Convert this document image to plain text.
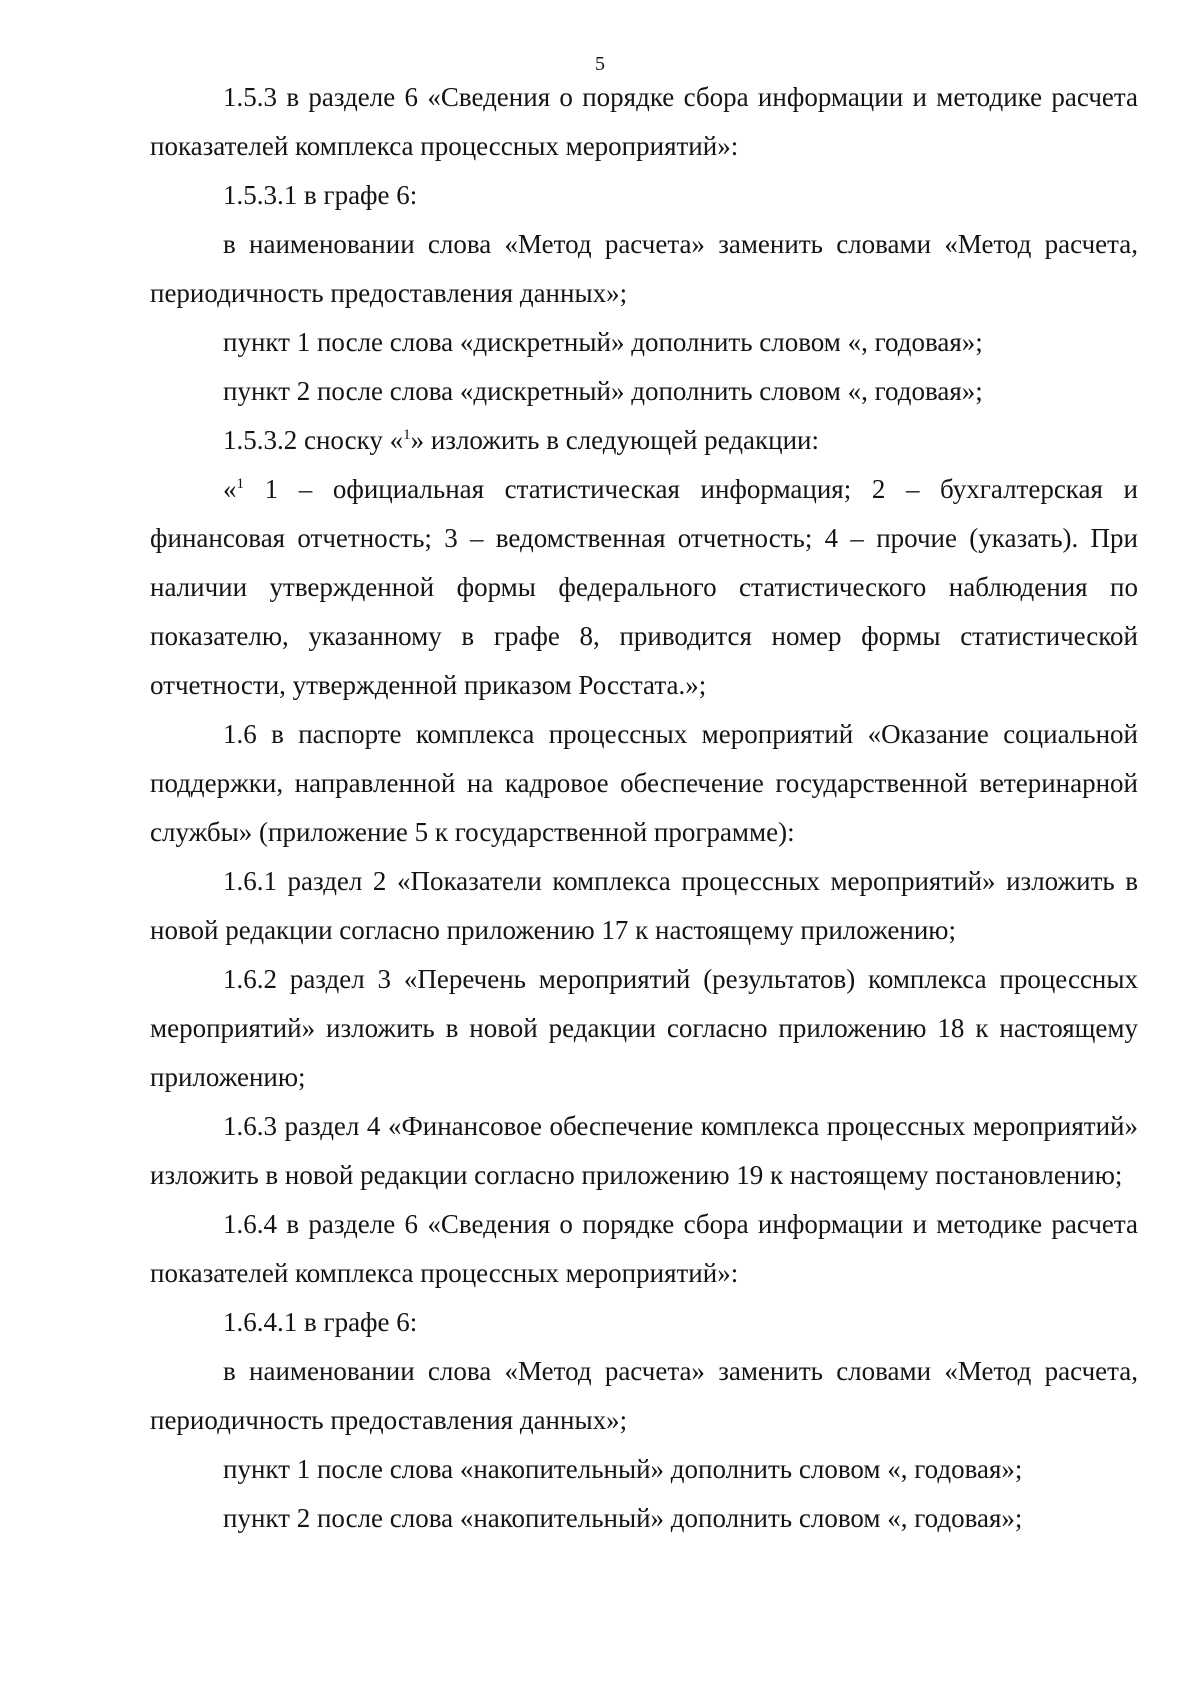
5

1.5.3 в разделе 6 «Сведения о порядке сбора информации и методике расчета показателей комплекса процессных мероприятий»:

1.5.3.1 в графе 6:

в наименовании слова «Метод расчета» заменить словами «Метод расчета, периодичность предоставления данных»;

пункт 1 после слова «дискретный» дополнить словом «, годовая»;

пункт 2 после слова «дискретный» дополнить словом «, годовая»;

1.5.3.2 сноску «$^1$» изложить в следующей редакции:

«$^1$ 1 – официальная статистическая информация; 2 – бухгалтерская и финансовая отчетность; 3 – ведомственная отчетность; 4 – прочие (указать). При наличии утвержденной формы федерального статистического наблюдения по показателю, указанному в графе 8, приводится номер формы статистической отчетности, утвержденной приказом Росстата.»;

1.6 в паспорте комплекса процессных мероприятий «Оказание социальной поддержки, направленной на кадровое обеспечение государственной ветеринарной службы» (приложение 5 к государственной программе):

1.6.1 раздел 2 «Показатели комплекса процессных мероприятий» изложить в новой редакции согласно приложению 17 к настоящему приложению;

1.6.2 раздел 3 «Перечень мероприятий (результатов) комплекса процессных мероприятий» изложить в новой редакции согласно приложению 18 к настоящему приложению;

1.6.3 раздел 4 «Финансовое обеспечение комплекса процессных мероприятий» изложить в новой редакции согласно приложению 19 к настоящему постановлению;

1.6.4 в разделе 6 «Сведения о порядке сбора информации и методике расчета показателей комплекса процессных мероприятий»:

1.6.4.1 в графе 6:

в наименовании слова «Метод расчета» заменить словами «Метод расчета, периодичность предоставления данных»;

пункт 1 после слова «накопительный» дополнить словом «, годовая»;

пункт 2 после слова «накопительный» дополнить словом «, годовая»;
